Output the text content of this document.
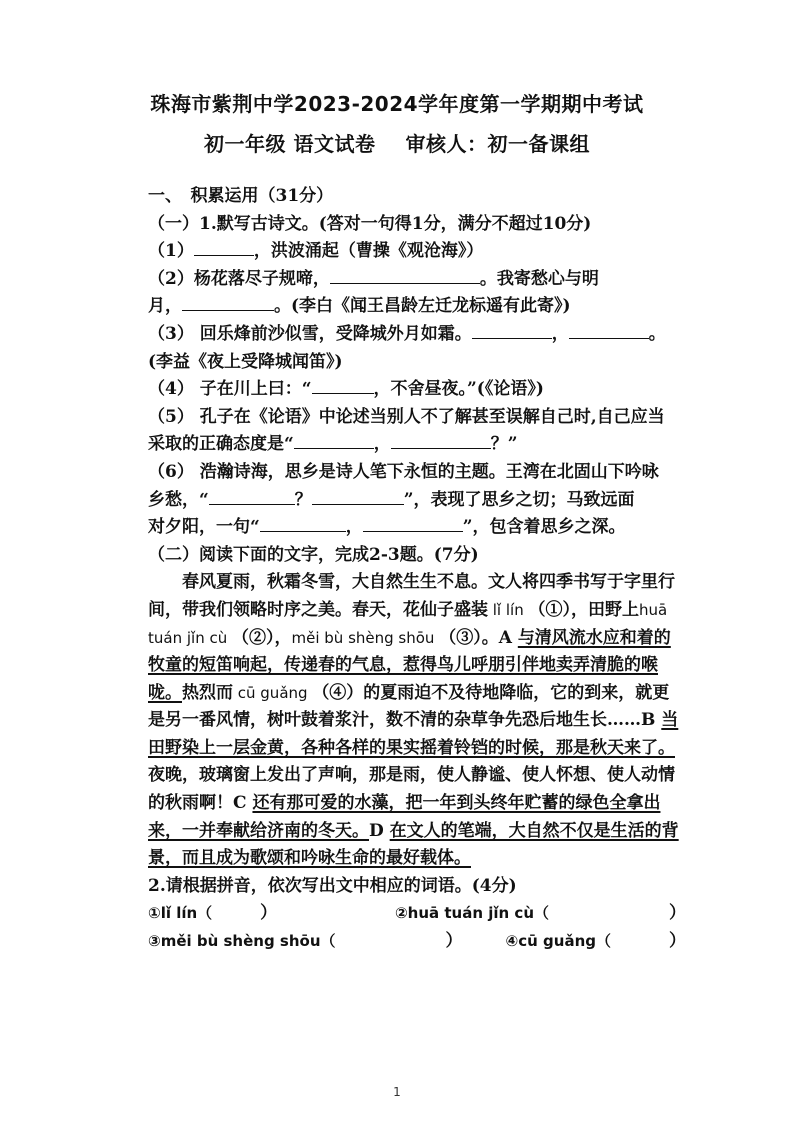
珠海市紫荆中学2023-2024学年度第一学期期中考试
初一年级 语文试卷 审核人：初一备课组

一、　积累运用（31分）

（一）1.默写古诗文。(答对一句得1分，满分不超过10分)

（1）	，洪波涌起（曹操《观沧海》）

（2）杨花落尽子规啼，	。我寄愁心与明
月，	。(李白《闻王昌龄左迁龙标遥有此寄》)

（3） 回乐烽前沙似雪，受降城外月如霜。	，	。
(李益《夜上受降城闻笛》)

（4） 子在川上曰：“	，不舍昼夜。”(《论语》)

（5） 孔子在《论语》中论述当别人不了解甚至误解自己时,自己应当
采取的正确态度是“	，	？”

（6） 浩瀚诗海，思乡是诗人笔下永恒的主题。王湾在北固山下吟咏
乡愁，“	？	”，表现了思乡之切；马致远面
对夕阳，一句“	，	”，包含着思乡之深。

（二）阅读下面的文字，完成2-3题。(7分)

春风夏雨，秋霜冬雪，大自然生生不息。文人将四季书写于字里行间，带我们领略时序之美。春天，花仙子盛装 lǐ lín （①），田野上huā tuán jǐn cù （②），měi bù shèng shōu （③）。A 与清风流水应和着的牧童的短笛响起，传递春的气息，惹得鸟儿呼朋引伴地卖弄清脆的喉咙。热烈而 cū guǎng （④）的夏雨迫不及待地降临，它的到来，就更是另一番风情，树叶鼓着浆汁，数不清的杂草争先恐后地生长……B 当田野染上一层金黄，各种各样的果实摇着铃铛的时候，那是秋天来了。夜晚，玻璃窗上发出了声响，那是雨，使人静谧、使人怀想、使人动情的秋雨啊！C 还有那可爱的水藻，把一年到头终年贮蓄的绿色全拿出来，一并奉献给济南的冬天。D 在文人的笔端，大自然不仅是生活的背景，而且成为歌颂和吟咏生命的最好载体。

2.请根据拼音，依次写出文中相应的词语。(4分)

①lǐ lín（	）	②huā tuán jǐn cù（	）
③měi bù shèng shōu（	）	④cū guǎng（	）
1
